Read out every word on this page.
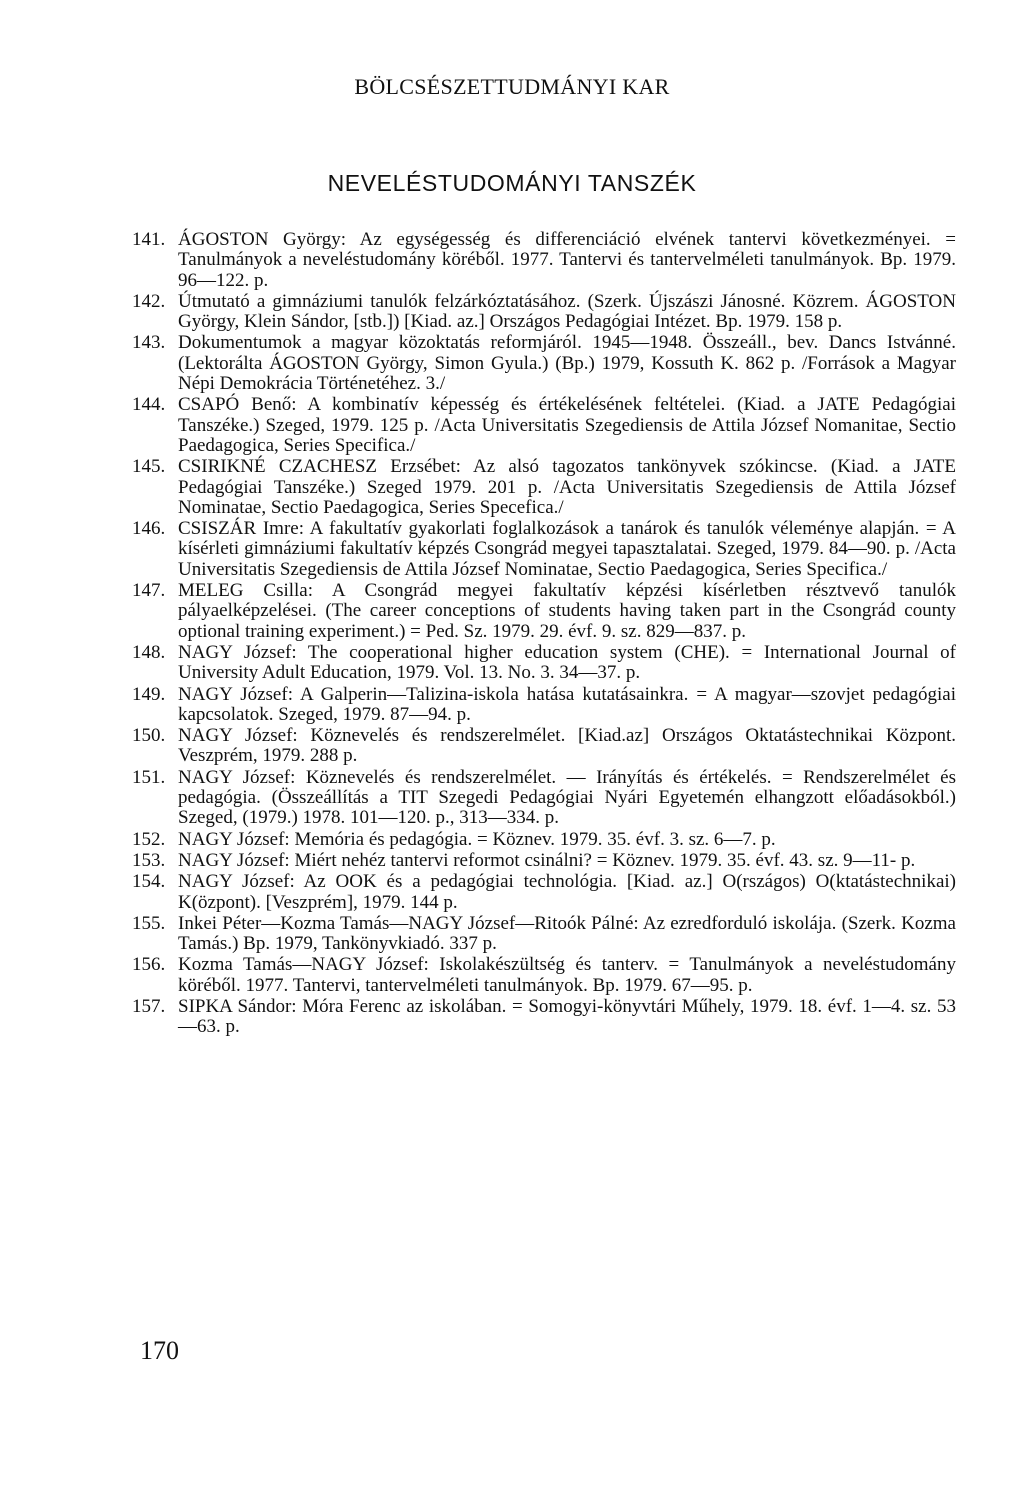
BÖLCSÉSZETTUDMÁNYI KAR
NEVELÉSTUDOMÁNYI TANSZÉK
141. ÁGOSTON György: Az egységesség és differenciáció elvének tantervi következményei. = Tanulmányok a neveléstudomány köréből. 1977. Tantervi és tantervelméleti tanulmányok. Bp. 1979. 96—122. p.
142. Útmutató a gimnáziumi tanulók felzárkóztatásához. (Szerk. Újszászi Jánosné. Közrem. ÁGOSTON György, Klein Sándor, [stb.]) [Kiad. az.] Országos Pedagógiai Intézet. Bp. 1979. 158 p.
143. Dokumentumok a magyar közoktatás reformjáról. 1945—1948. Összeáll., bev. Dancs Istvánné. (Lektorálta ÁGOSTON György, Simon Gyula.) (Bp.) 1979, Kossuth K. 862 p. /Források a Magyar Népi Demokrácia Történetéhez. 3./
144. CSAPÓ Benő: A kombinatív képesség és értékelésének feltételei. (Kiad. a JATE Pedagógiai Tanszéke.) Szeged, 1979. 125 p. /Acta Universitatis Szegediensis de Attila József Nomanitae, Sectio Paedagogica, Series Specifica./
145. CSIRIKNÉ CZACHESZ Erzsébet: Az alsó tagozatos tankönyvek szókincse. (Kiad. a JATE Pedagógiai Tanszéke.) Szeged 1979. 201 p. /Acta Universitatis Szegediensis de Attila József Nominatae, Sectio Paedagogica, Series Specefica./
146. CSISZÁR Imre: A fakultatív gyakorlati foglalkozások a tanárok és tanulók véleménye alapján. = A kísérleti gimnáziumi fakultatív képzés Csongrád megyei tapasztalatai. Szeged, 1979. 84—90. p. /Acta Universitatis Szegediensis de Attila József Nominatae, Sectio Paedagogica, Series Specifica./
147. MELEG Csilla: A Csongrád megyei fakultatív képzési kísérletben résztvevő tanulók pályaelképzelései. (The career conceptions of students having taken part in the Csongrád county optional training experiment.) = Ped. Sz. 1979. 29. évf. 9. sz. 829—837. p.
148. NAGY József: The cooperational higher education system (CHE). = International Journal of University Adult Education, 1979. Vol. 13. No. 3. 34—37. p.
149. NAGY József: A Galperin—Talizina-iskola hatása kutatásainkra. = A magyar—szovjet pedagógiai kapcsolatok. Szeged, 1979. 87—94. p.
150. NAGY József: Köznevelés és rendszerelmélet. [Kiad.az] Országos Oktatástechnikai Központ. Veszprém, 1979. 288 p.
151. NAGY József: Köznevelés és rendszerelmélet. — Irányítás és értékelés. = Rendszerelmélet és pedagógia. (Összeállítás a TIT Szegedi Pedagógiai Nyári Egyetemén elhangzott előadásokból.) Szeged, (1979.) 1978. 101—120. p., 313—334. p.
152. NAGY József: Memória és pedagógia. = Köznev. 1979. 35. évf. 3. sz. 6—7. p.
153. NAGY József: Miért nehéz tantervi reformot csinálni? = Köznev. 1979. 35. évf. 43. sz. 9—11- p.
154. NAGY József: Az OOK és a pedagógiai technológia. [Kiad. az.] O(rszágos) O(ktatástechnikai) K(özpont). [Veszprém], 1979. 144 p.
155. Inkei Péter—Kozma Tamás—NAGY József—Ritoók Pálné: Az ezredforduló iskolája. (Szerk. Kozma Tamás.) Bp. 1979, Tankönyvkiadó. 337 p.
156. Kozma Tamás—NAGY József: Iskolakészültség és tanterv. = Tanulmányok a neveléstudomány köréből. 1977. Tantervi, tantervelméleti tanulmányok. Bp. 1979. 67—95. p.
157. SIPKA Sándor: Móra Ferenc az iskolában. = Somogyi-könyvtári Műhely, 1979. 18. évf. 1—4. sz. 53—63. p.
170
